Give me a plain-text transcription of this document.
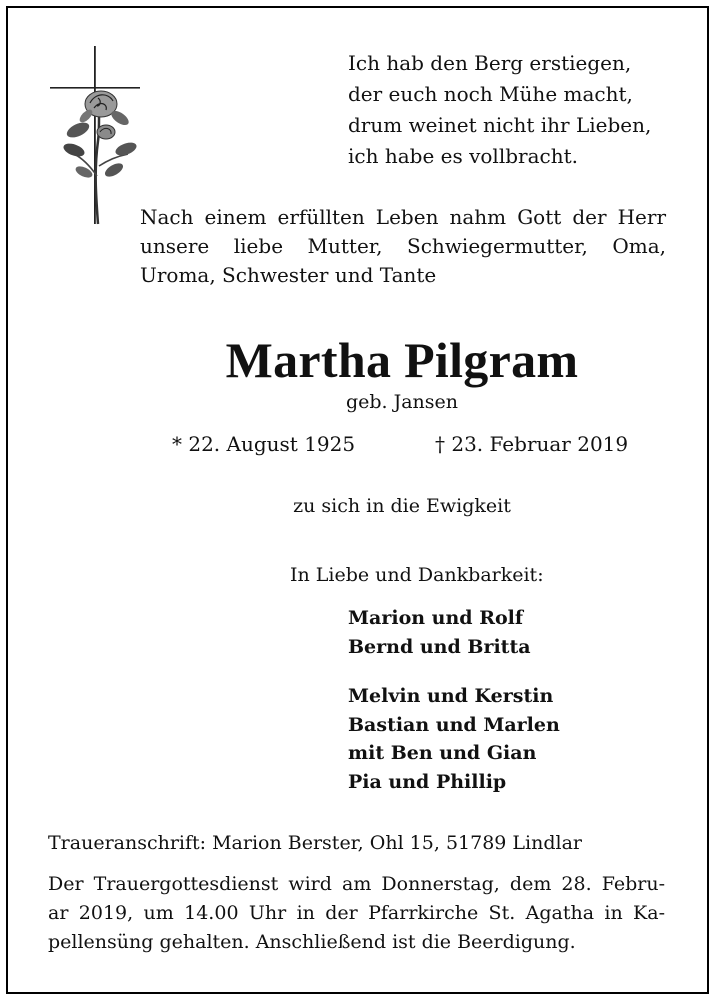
Ich hab den Berg erstiegen,
der euch noch Mühe macht,
drum weinet nicht ihr Lieben,
ich habe es vollbracht.
Nach einem erfüllten Leben nahm Gott der Herr
unsere liebe Mutter, Schwiegermutter, Oma,
Uroma, Schwester und Tante
Martha Pilgram
geb. Jansen
* 22. August 1925	† 23. Februar 2019
zu sich in die Ewigkeit
In Liebe und Dankbarkeit:
Marion und Rolf
Bernd und Britta
Melvin und Kerstin
Bastian und Marlen
mit Ben und Gian
Pia und Phillip
Traueranschrift: Marion Berster, Ohl 15, 51789 Lindlar
Der Trauergottesdienst wird am Donnerstag, dem 28. Febru-
ar 2019, um 14.00 Uhr in der Pfarrkirche St. Agatha in Ka-
pellensüng gehalten. Anschließend ist die Beerdigung.
